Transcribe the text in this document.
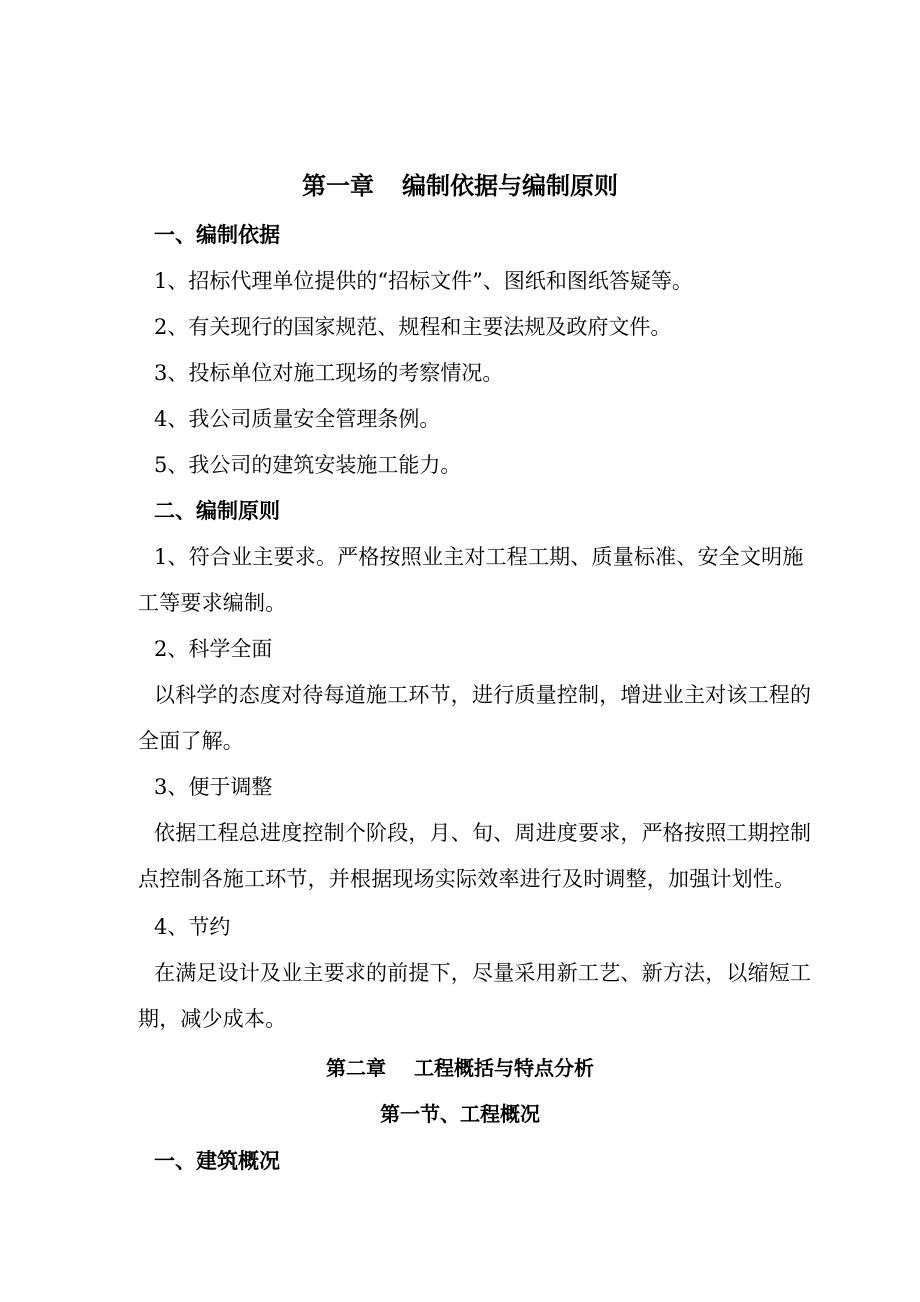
第一章 编制依据与编制原则
一、编制依据
1、招标代理单位提供的“招标文件”、图纸和图纸答疑等。
2、有关现行的国家规范、规程和主要法规及政府文件。
3、投标单位对施工现场的考察情况。
4、我公司质量安全管理条例。
5、我公司的建筑安装施工能力。
二、编制原则
1、符合业主要求。严格按照业主对工程工期、质量标准、安全文明施工等要求编制。
2、科学全面
以科学的态度对待每道施工环节，进行质量控制，增进业主对该工程的全面了解。
3、便于调整
依据工程总进度控制个阶段，月、旬、周进度要求，严格按照工期控制点控制各施工环节，并根据现场实际效率进行及时调整，加强计划性。
4、节约
在满足设计及业主要求的前提下，尽量采用新工艺、新方法，以缩短工期，减少成本。
第二章 工程概括与特点分析
第一节、工程概况
一、建筑概况
